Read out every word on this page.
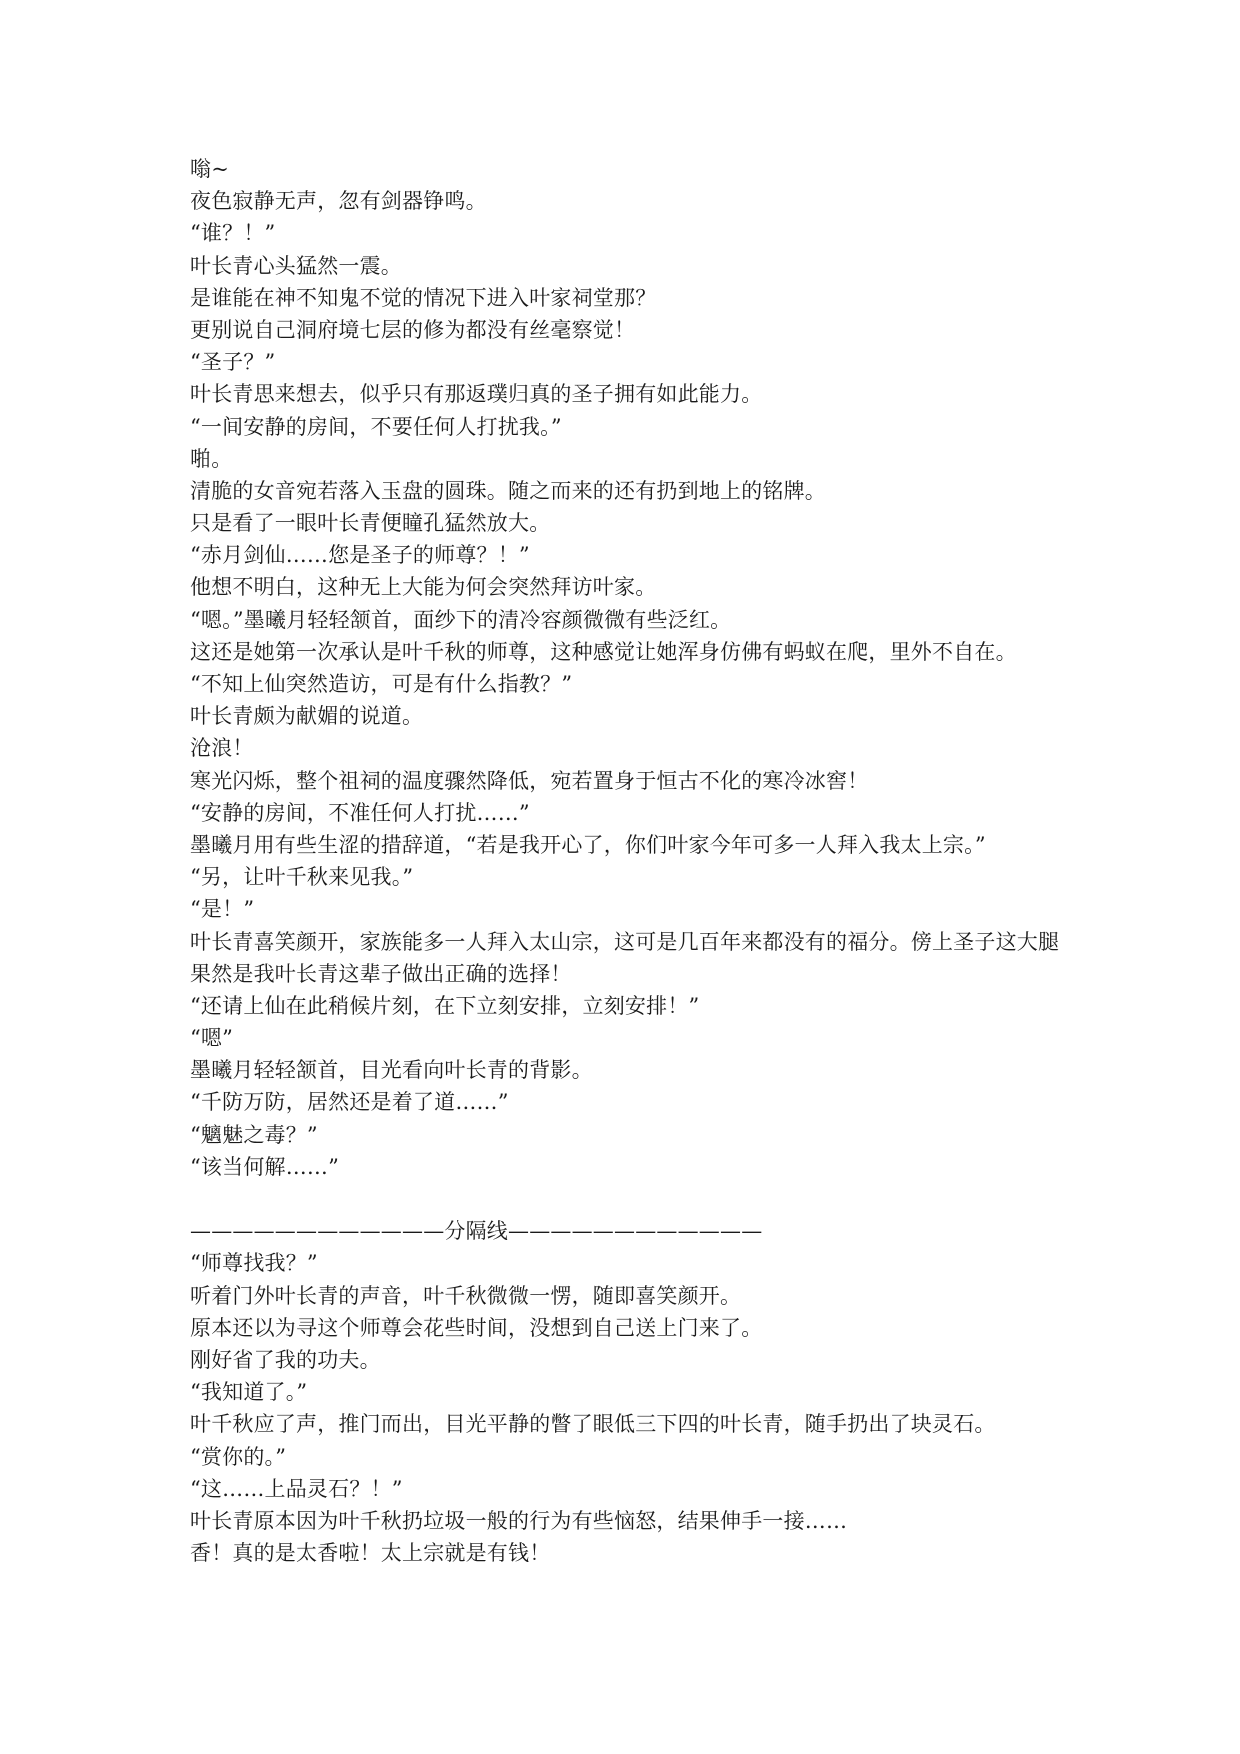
嗡~
夜色寂静无声，忽有剑器铮鸣。
“谁？！”
叶长青心头猛然一震。
是谁能在神不知鬼不觉的情况下进入叶家祠堂那？
更别说自己洞府境七层的修为都没有丝毫察觉！
“圣子？”
叶长青思来想去，似乎只有那返璞归真的圣子拥有如此能力。
“一间安静的房间，不要任何人打扰我。”
啪。
清脆的女音宛若落入玉盘的圆珠。随之而来的还有扔到地上的铭牌。
只是看了一眼叶长青便瞳孔猛然放大。
“赤月剑仙……您是圣子的师尊？！”
他想不明白，这种无上大能为何会突然拜访叶家。
“嗯。”墨曦月轻轻颔首，面纱下的清冷容颜微微有些泛红。
这还是她第一次承认是叶千秋的师尊，这种感觉让她浑身仿佛有蚂蚁在爬，里外不自在。
“不知上仙突然造访，可是有什么指教？”
叶长青颇为献媚的说道。
沧浪！
寒光闪烁，整个祖祠的温度骤然降低，宛若置身于恒古不化的寒冷冰窖！
“安静的房间，不准任何人打扰……”
墨曦月用有些生涩的措辞道，“若是我开心了，你们叶家今年可多一人拜入我太上宗。”
“另，让叶千秋来见我。”
“是！”
叶长青喜笑颜开，家族能多一人拜入太山宗，这可是几百年来都没有的福分。傍上圣子这大腿果然是我叶长青这辈子做出正确的选择！
“还请上仙在此稍候片刻，在下立刻安排，立刻安排！”
“嗯”
墨曦月轻轻颔首，目光看向叶长青的背影。
“千防万防，居然还是着了道……”
“魑魅之毒？”
“该当何解……”
————————————分隔线————————————
“师尊找我？”
听着门外叶长青的声音，叶千秋微微一愣，随即喜笑颜开。
原本还以为寻这个师尊会花些时间，没想到自己送上门来了。
刚好省了我的功夫。
“我知道了。”
叶千秋应了声，推门而出，目光平静的瞥了眼低三下四的叶长青，随手扔出了块灵石。
“赏你的。”
“这……上品灵石？！”
叶长青原本因为叶千秋扔垃圾一般的行为有些恼怒，结果伸手一接……
香！真的是太香啦！太上宗就是有钱！
